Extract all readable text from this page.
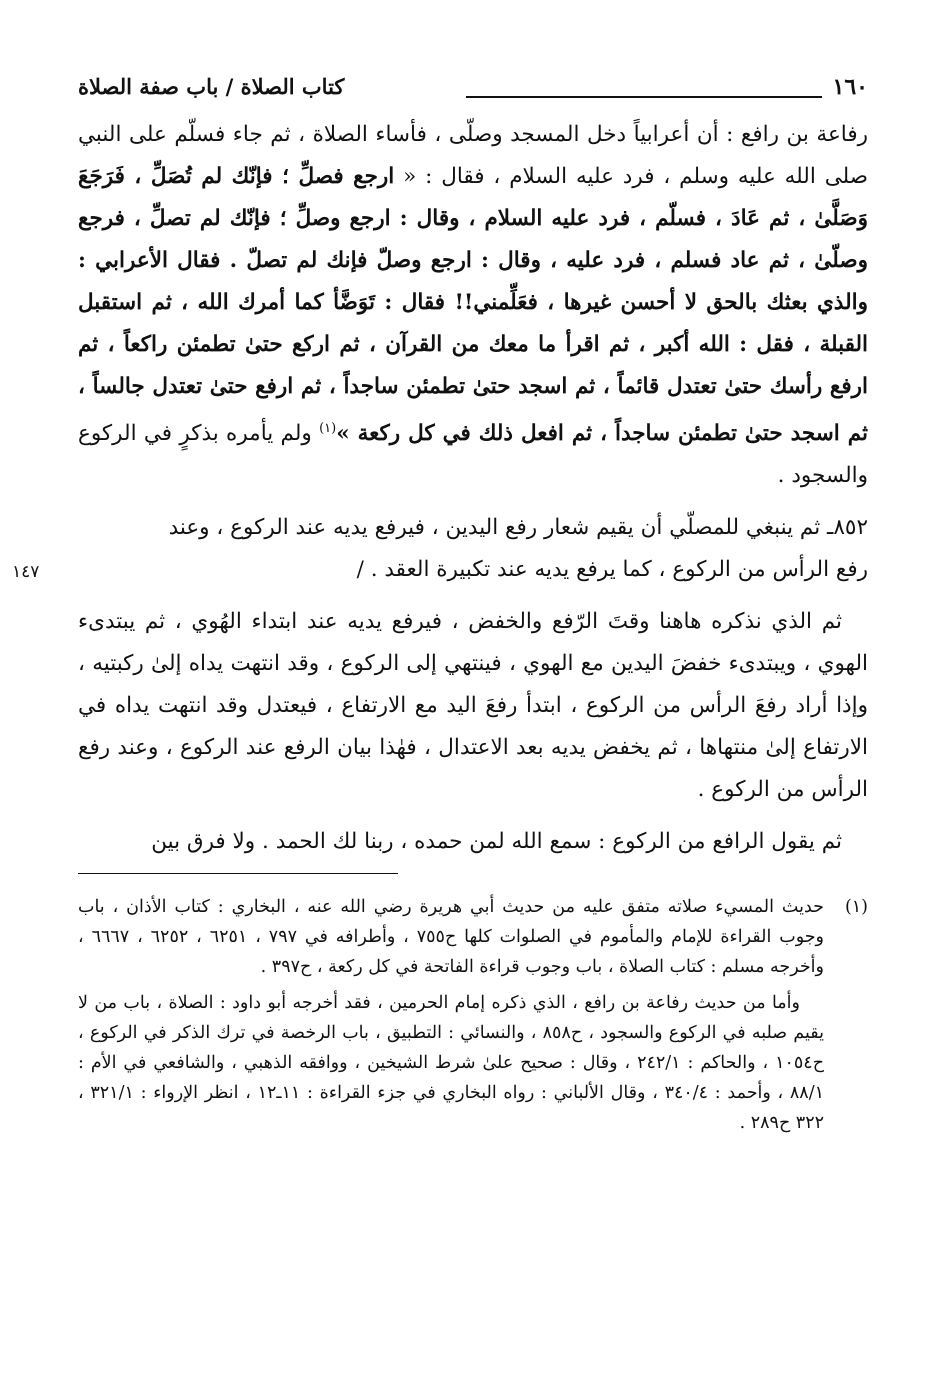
١٦٠
كتاب الصلاة / باب صفة الصلاة

رفاعة بن رافع : أن أعرابياً دخل المسجد وصلّى ، فأساء الصلاة ، ثم جاء فسلّم على النبي صلى الله عليه وسلم ، فرد عليه السلام ، فقال : « ارجع فصلِّ ؛ فإنّك لم تُصَلِّ ، فَرَجَعَ وَصَلَّىٰ ، ثم عَادَ ، فسلّم ، فرد عليه السلام ، وقال : ارجع وصلِّ ؛ فإنّك لم تصلِّ ، فرجع وصلّىٰ ، ثم عاد فسلم ، فرد عليه ، وقال : ارجع وصلّ فإنك لم تصلّ . فقال الأعرابي : والذي بعثك بالحق لا أحسن غيرها ، فعَلِّمني!! فقال : تَوَضَّأ كما أمرك الله ، ثم استقبل القبلة ، فقل : الله أكبر ، ثم اقرأ ما معك من القرآن ، ثم اركع حتىٰ تطمئن راكعاً ، ثم ارفع رأسك حتىٰ تعتدل قائماً ، ثم اسجد حتىٰ تطمئن ساجداً ، ثم ارفع حتىٰ تعتدل جالساً ، ثم اسجد حتىٰ تطمئن ساجداً ، ثم افعل ذلك في كل ركعة »$^{(١)}$ ولم يأمره بذكرٍ في الركوع والسجود .

٨٥٢ـ ثم ينبغي للمصلّي أن يقيم شعار رفع اليدين ، فيرفع يديه عند الركوع ، وعند
رفع الرأس من الركوع ، كما يرفع يديه عند تكبيرة العقد . /
١٤٧

ثم الذي نذكره هاهنا وقتَ الرّفع والخفض ، فيرفع يديه عند ابتداء الهُوي ، ثم يبتدىء الهوي ، ويبتدىء خفضَ اليدين مع الهوي ، فينتهي إلى الركوع ، وقد انتهت يداه إلىٰ ركبتيه ، وإذا أراد رفعَ الرأس من الركوع ، ابتدأ رفعَ اليد مع الارتفاع ، فيعتدل وقد انتهت يداه في الارتفاع إلىٰ منتهاها ، ثم يخفض يديه بعد الاعتدال ، فهٰذا بيان الرفع عند الركوع ، وعند رفع الرأس من الركوع .

ثم يقول الرافع من الركوع : سمع الله لمن حمده ، ربنا لك الحمد . ولا فرق بين

(١)

حديث المسيء صلاته متفق عليه من حديث أبي هريرة رضي الله عنه ، البخاري : كتاب الأذان ، باب وجوب القراءة للإمام والمأموم في الصلوات كلها ح٧٥٥ ، وأطرافه في ٧٩٧ ، ٦٢٥١ ، ٦٢٥٢ ، ٦٦٦٧ ، وأخرجه مسلم : كتاب الصلاة ، باب وجوب قراءة الفاتحة في كل ركعة ، ح٣٩٧ .

وأما من حديث رفاعة بن رافع ، الذي ذكره إمام الحرمين ، فقد أخرجه أبو داود : الصلاة ، باب من لا يقيم صلبه في الركوع والسجود ، ح٨٥٨ ، والنسائي : التطبيق ، باب الرخصة في ترك الذكر في الركوع ، ح١٠٥٤ ، والحاكم : ٢٤٢/١ ، وقال : صحيح علىٰ شرط الشيخين ، ووافقه الذهبي ، والشافعي في الأم : ٨٨/١ ، وأحمد : ٣٤٠/٤ ، وقال الألباني : رواه البخاري في جزء القراءة : ١١ـ١٢ ، انظر الإرواء : ٣٢١/١ ، ٣٢٢ ح٢٨٩ .
